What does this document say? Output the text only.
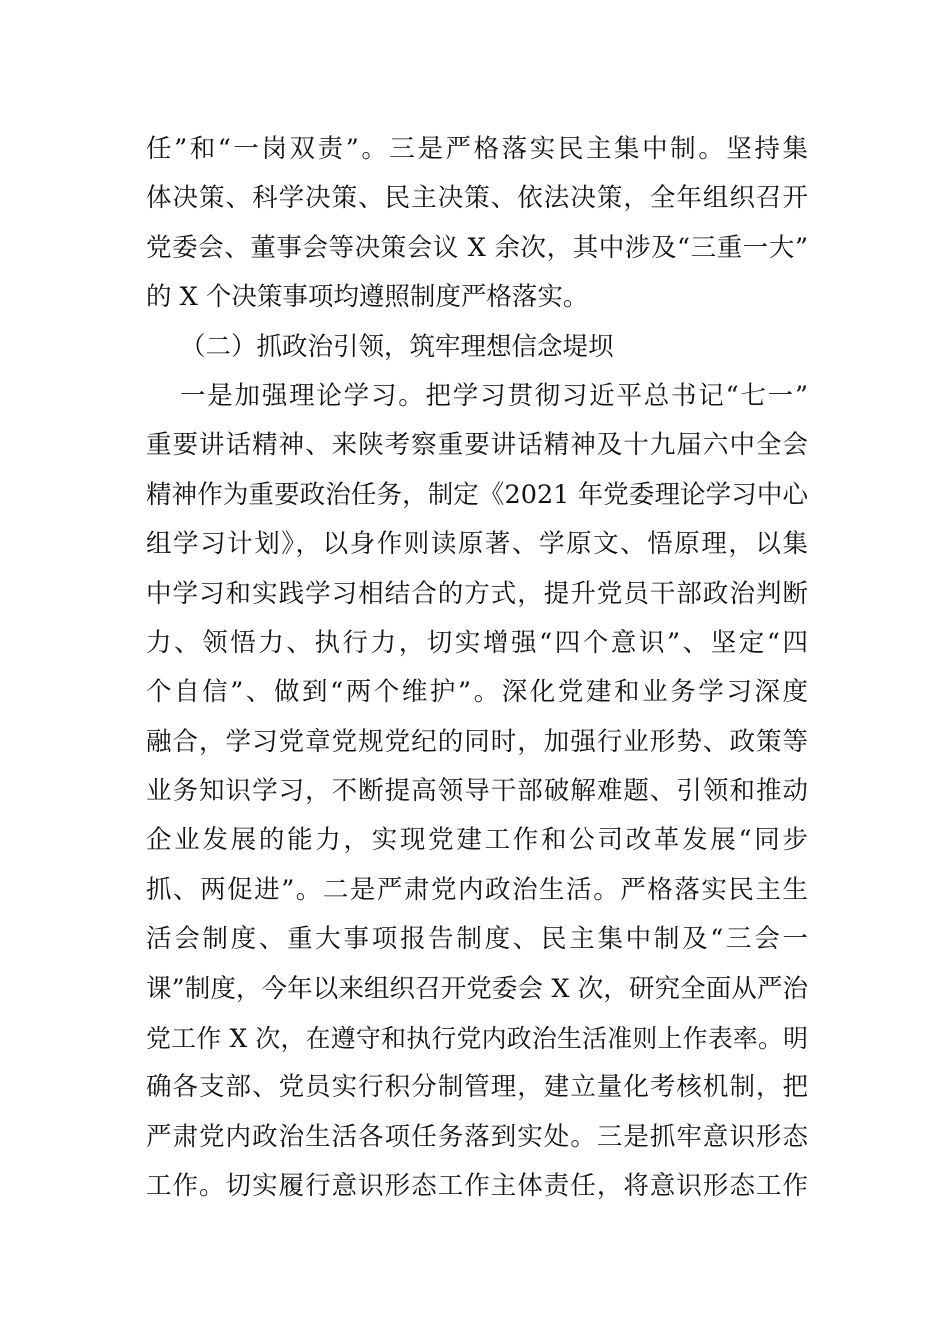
任”和“一岗双责”。三是严格落实民主集中制。坚持集
体决策、科学决策、民主决策、依法决策，全年组织召开
党委会、董事会等决策会议 X 余次，其中涉及“三重一大”
的 X 个决策事项均遵照制度严格落实。
（二）抓政治引领，筑牢理想信念堤坝
一是加强理论学习。把学习贯彻习近平总书记“七一”
重要讲话精神、来陕考察重要讲话精神及十九届六中全会
精神作为重要政治任务，制定《2021 年党委理论学习中心
组学习计划》，以身作则读原著、学原文、悟原理，以集
中学习和实践学习相结合的方式，提升党员干部政治判断
力、领悟力、执行力，切实增强“四个意识”、坚定“四
个自信”、做到“两个维护”。深化党建和业务学习深度
融合，学习党章党规党纪的同时，加强行业形势、政策等
业务知识学习，不断提高领导干部破解难题、引领和推动
企业发展的能力，实现党建工作和公司改革发展“同步
抓、两促进”。二是严肃党内政治生活。严格落实民主生
活会制度、重大事项报告制度、民主集中制及“三会一
课”制度，今年以来组织召开党委会 X 次，研究全面从严治
党工作 X 次，在遵守和执行党内政治生活准则上作表率。明
确各支部、党员实行积分制管理，建立量化考核机制，把
严肃党内政治生活各项任务落到实处。三是抓牢意识形态
工作。切实履行意识形态工作主体责任，将意识形态工作
